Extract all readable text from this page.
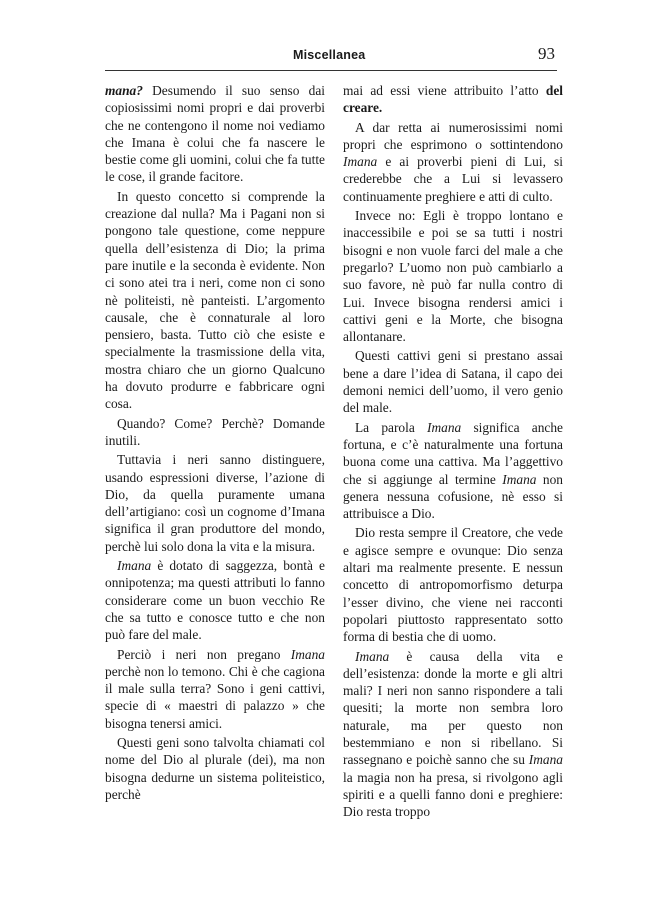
Miscellanea	93

mana? Desumendo il suo senso dai copiosissimi nomi propri e dai proverbi che ne contengono il nome noi vediamo che Imana è colui che fa nascere le bestie come gli uomini, colui che fa tutte le cose, il grande facitore.

In questo concetto si comprende la creazione dal nulla? Ma i Pagani non si pongono tale questione, come neppure quella dell’esistenza di Dio; la prima pare inutile e la seconda è evidente. Non ci sono atei tra i neri, come non ci sono nè politeisti, nè panteisti. L’argomento causale, che è connaturale al loro pensiero, basta. Tutto ciò che esiste e specialmente la trasmissione della vita, mostra chiaro che un giorno Qualcuno ha dovuto produrre e fabbricare ogni cosa.

Quando? Come? Perchè? Domande inutili.

Tuttavia i neri sanno distinguere, usando espressioni diverse, l’azione di Dio, da quella puramente umana dell’artigiano: così un cognome d’Imana significa il gran produttore del mondo, perchè lui solo dona la vita e la misura.

Imana è dotato di saggezza, bontà e onnipotenza; ma questi attributi lo fanno considerare come un buon vecchio Re che sa tutto e conosce tutto e che non può fare del male.

Perciò i neri non pregano Imana perchè non lo temono. Chi è che cagiona il male sulla terra? Sono i geni cattivi, specie di « maestri di palazzo » che bisogna tenersi amici.

Questi geni sono talvolta chiamati col nome del Dio al plurale (dei), ma non bisogna dedurne un sistema politeistico, perchè

mai ad essi viene attribuito l’atto del creare.

A dar retta ai numerosissimi nomi propri che esprimono o sottintendono Imana e ai proverbi pieni di Lui, si crederebbe che a Lui si levassero continuamente preghiere e atti di culto.

Invece no: Egli è troppo lontano e inaccessibile e poi se sa tutti i nostri bisogni e non vuole farci del male a che pregarlo? L’uomo non può cambiarlo a suo favore, nè può far nulla contro di Lui. Invece bisogna rendersi amici i cattivi geni e la Morte, che bisogna allontanare.

Questi cattivi geni si prestano assai bene a dare l’idea di Satana, il capo dei demoni nemici dell’uomo, il vero genio del male.

La parola Imana significa anche fortuna, e c’è naturalmente una fortuna buona come una cattiva. Ma l’aggettivo che si aggiunge al termine Imana non genera nessuna cofusione, nè esso si attribuisce a Dio.

Dio resta sempre il Creatore, che vede e agisce sempre e ovunque: Dio senza altari ma realmente presente. E nessun concetto di antropomorfismo deturpa l’esser divino, che viene nei racconti popolari piuttosto rappresentato sotto forma di bestia che di uomo.

Imana è causa della vita e dell’esistenza: donde la morte e gli altri mali? I neri non sanno rispondere a tali quesiti; la morte non sembra loro naturale, ma per questo non bestemmiano e non si ribellano. Si rassegnano e poichè sanno che su Imana la magia non ha presa, si rivolgono agli spiriti e a quelli fanno doni e preghiere: Dio resta troppo
